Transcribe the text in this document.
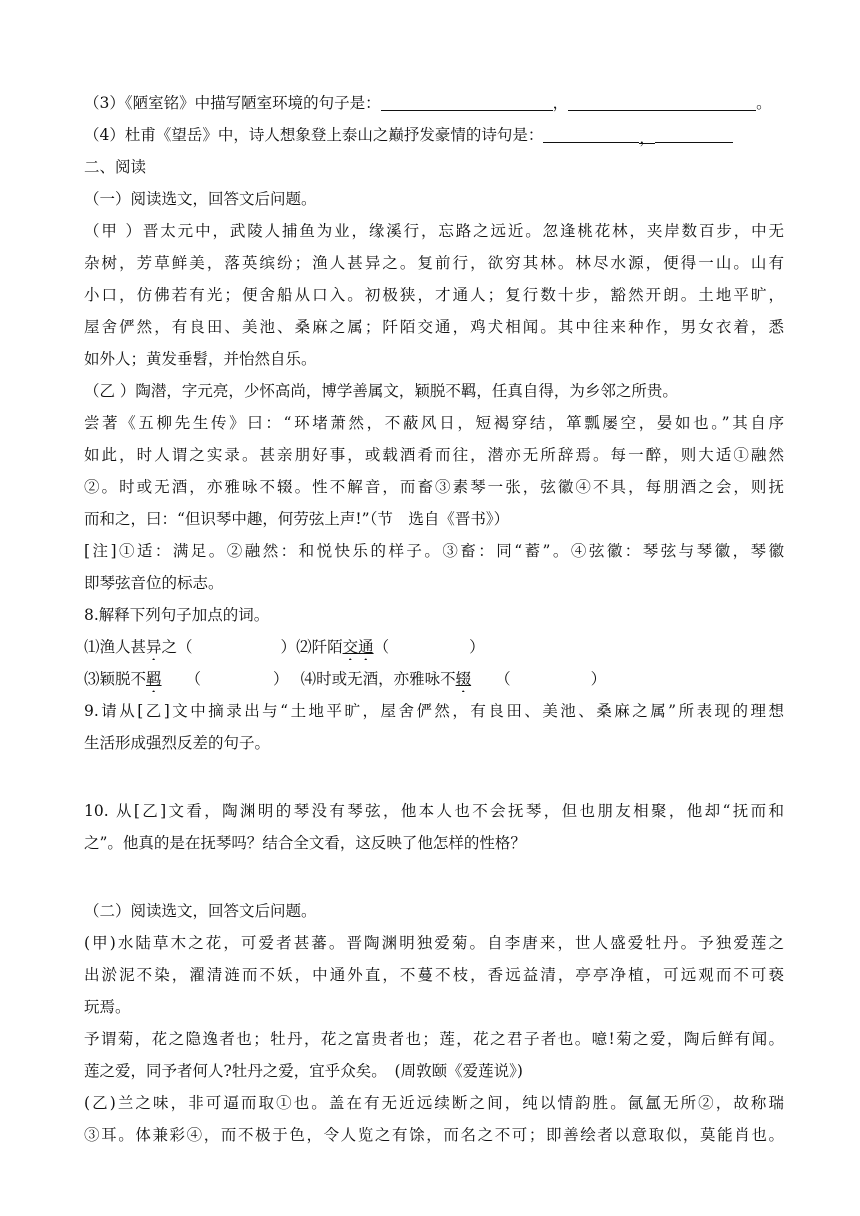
（3）《陋室铭》中描写陋室环境的句子是：	，	。
（4）杜甫《望岳》中，诗人想象登上泰山之巅抒发豪情的诗句是：	，
二、阅读
（一）阅读选文，回答文后问题。
（甲 ）晋太元中，武陵人捕鱼为业，缘溪行，忘路之远近。忽逢桃花林，夹岸数百步，中无
杂树，芳草鲜美，落英缤纷；渔人甚异之。复前行，欲穷其林。林尽水源，便得一山。山有
小口，仿佛若有光；便舍船从口入。初极狭，才通人；复行数十步，豁然开朗。土地平旷，
屋舍俨然，有良田、美池、桑麻之属；阡陌交通，鸡犬相闻。其中往来种作，男女衣着，悉
如外人；黄发垂髫，并怡然自乐。
（乙 ）陶潜，字元亮，少怀高尚，博学善属文，颖脱不羁，任真自得，为乡邻之所贵。
尝著《五柳先生传》曰：“环堵萧然，不蔽风日，短褐穿结，箪瓢屡空，晏如也。”其自序
如此，时人谓之实录。甚亲朋好事，或载酒肴而往，潜亦无所辞焉。每一醉，则大适①融然
②。时或无酒，亦雅咏不辍。性不解音，而畜③素琴一张，弦徽④不具，每朋酒之会，则抚
而和之，曰：“但识琴中趣，何劳弦上声!”（节　选自《晋书》）
[注]①适：满足。②融然：和悦快乐的样子。③畜：同“蓄”。④弦徽：琴弦与琴徽，琴徽
即琴弦音位的标志。
8.解释下列句子加点的词。
⑴渔人甚异之（	）⑵阡陌交通（	）
⑶颖脱不羁 （	） ⑷时或无酒，亦雅咏不辍 （	）
9.请从[乙]文中摘录出与“土地平旷，屋舍俨然，有良田、美池、桑麻之属”所表现的理想
生活形成强烈反差的句子。
10. 从[乙]文看，陶渊明的琴没有琴弦，他本人也不会抚琴，但也朋友相聚，他却“抚而和
之”。他真的是在抚琴吗？结合全文看，这反映了他怎样的性格？
（二）阅读选文，回答文后问题。
(甲)水陆草木之花，可爱者甚蕃。晋陶渊明独爱菊。自李唐来，世人盛爱牡丹。予独爱莲之
出淤泥不染，濯清涟而不妖，中通外直，不蔓不枝，香远益清，亭亭净植，可远观而不可亵
玩焉。
予谓菊，花之隐逸者也；牡丹，花之富贵者也；莲，花之君子者也。噫!菊之爱，陶后鲜有闻。
莲之爱，同予者何人?牡丹之爱，宜乎众矣。　(周敦颐《爱莲说》)
(乙)兰之味，非可逼而取①也。盖在有无近远续断之间，纯以情韵胜。氤氲无所②，故称瑞
③耳。体兼彩④，而不极于色，令人览之有馀，而名之不可；即善绘者以意取似，莫能肖也。
